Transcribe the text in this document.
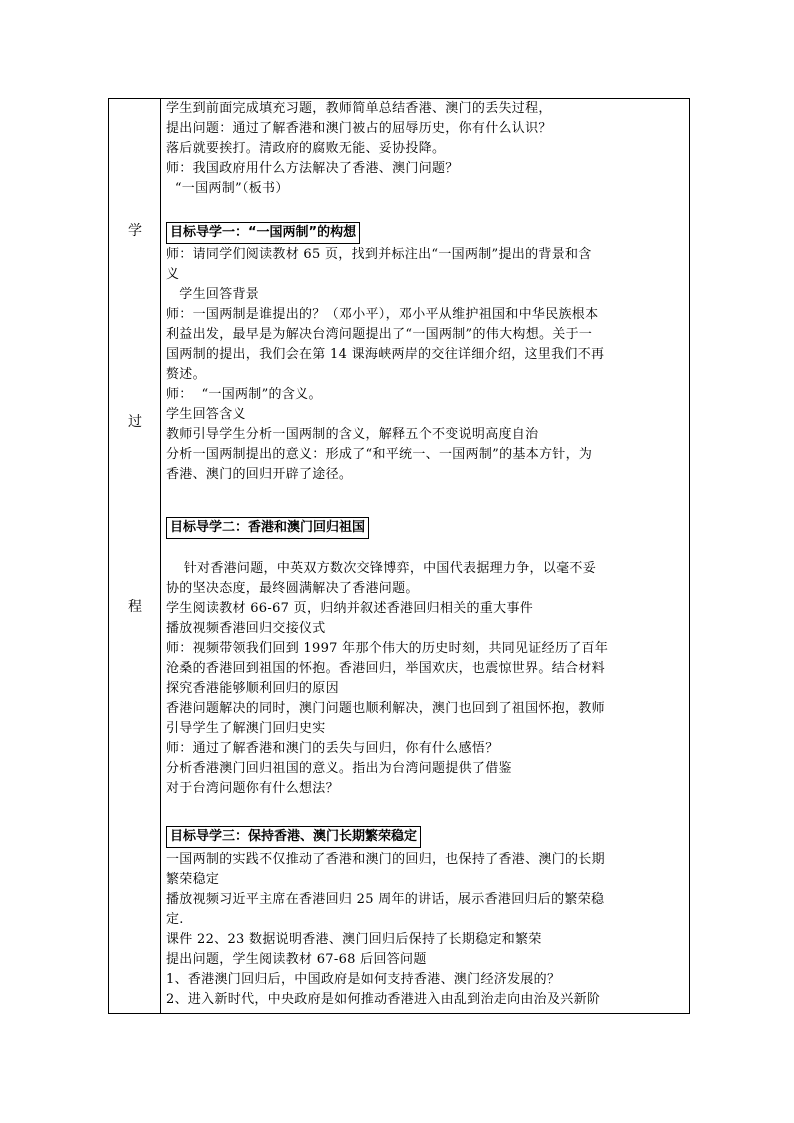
学
过
程
学生到前面完成填充习题，教师简单总结香港、澳门的丢失过程，
提出问题：通过了解香港和澳门被占的屈辱历史，你有什么认识？
落后就要挨打。清政府的腐败无能、妥协投降。
师：我国政府用什么方法解决了香港、澳门问题？
“一国两制”（板书）
目标导学一：“一国两制”的构想
师：请同学们阅读教材 65 页，找到并标注出“一国两制”提出的背景和含
义
学生回答背景
师：一国两制是谁提出的？（邓小平），邓小平从维护祖国和中华民族根本
利益出发，最早是为解决台湾问题提出了“一国两制”的伟大构想。关于一
国两制的提出，我们会在第 14 课海峡两岸的交往详细介绍，这里我们不再
赘述。
师：  “一国两制”的含义。
学生回答含义
教师引导学生分析一国两制的含义，解释五个不变说明高度自治
分析一国两制提出的意义：形成了“和平统一、一国两制”的基本方针，为
香港、澳门的回归开辟了途径。
目标导学二：香港和澳门回归祖国
针对香港问题，中英双方数次交锋博弈，中国代表据理力争，以毫不妥
协的坚决态度，最终圆满解决了香港问题。
学生阅读教材 66-67 页，归纳并叙述香港回归相关的重大事件
播放视频香港回归交接仪式
师：视频带领我们回到 1997 年那个伟大的历史时刻，共同见证经历了百年
沧桑的香港回到祖国的怀抱。香港回归，举国欢庆，也震惊世界。结合材料
探究香港能够顺利回归的原因
香港问题解决的同时，澳门问题也顺利解决，澳门也回到了祖国怀抱，教师
引导学生了解澳门回归史实
师：通过了解香港和澳门的丢失与回归，你有什么感悟？
分析香港澳门回归祖国的意义。指出为台湾问题提供了借鉴
对于台湾问题你有什么想法？
目标导学三：保持香港、澳门长期繁荣稳定
一国两制的实践不仅推动了香港和澳门的回归，也保持了香港、澳门的长期
繁荣稳定
播放视频习近平主席在香港回归 25 周年的讲话，展示香港回归后的繁荣稳
定.
课件 22、23 数据说明香港、澳门回归后保持了长期稳定和繁荣
提出问题，学生阅读教材 67-68 后回答问题
1、香港澳门回归后，中国政府是如何支持香港、澳门经济发展的？
2、进入新时代，中央政府是如何推动香港进入由乱到治走向由治及兴新阶
